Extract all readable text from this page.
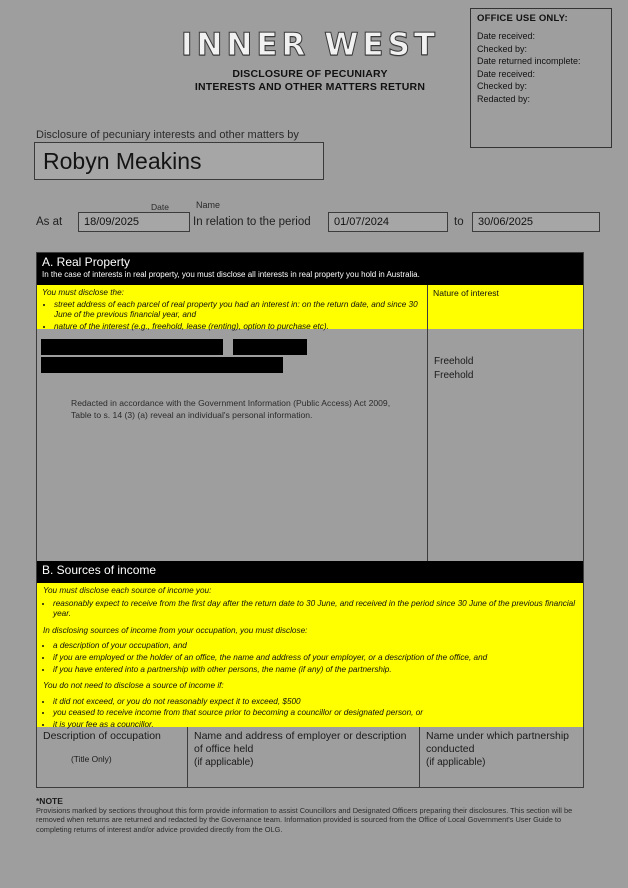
OFFICE USE ONLY:
Date received:
Checked by:
Date returned incomplete:
Date received:
Checked by:
Redacted by:
INNER WEST
DISCLOSURE OF PECUNIARY
INTERESTS AND OTHER MATTERS RETURN
Disclosure of pecuniary interests and other matters by
Robyn Meakins
Name
As at
Date
18/09/2025	In relation to the period 01/07/2024	to 30/06/2025
A. Real Property
In the case of interests in real property, you must disclose all interests in real property you hold in Australia.
You must disclose the:
• street address of each parcel of real property you had an interest in: on the return date, and since 30 June of the previous financial year, and
• nature of the interest (e.g., freehold, lease (renting), option to purchase etc).
Nature of interest
Redacted in accordance with the Government Information (Public Access) Act 2009, Table to s. 14 (3) (a) reveal an individual's personal information.
Freehold
Freehold
B. Sources of income
You must disclose each source of income you:
• reasonably expect to receive from the first day after the return date to 30 June, and received in the period since 30 June of the previous financial year.

In disclosing sources of income from your occupation, you must disclose:

• a description of your occupation, and
• if you are employed or the holder of an office, the name and address of your employer, or a description of the office, and
• if you have entered into a partnership with other persons, the name (if any) of the partnership.

You do not need to disclose a source of income if:

• it did not exceed, or you do not reasonably expect it to exceed, $500
• you ceased to receive income from that source prior to becoming a councillor or designated person, or
• it is your fee as a councillor.
Description of occupation
(Title Only)
Name and address of employer or description of office held
(if applicable)
Name under which partnership conducted
(if applicable)
*NOTE
Provisions marked by sections throughout this form provide information to assist Councillors and Designated Officers preparing their disclosures. This section will be removed when returns are returned and redacted by the Governance team. Information provided is sourced from the Office of Local Government's User Guide to completing returns of interest and/or advice provided directly from the OLG.
